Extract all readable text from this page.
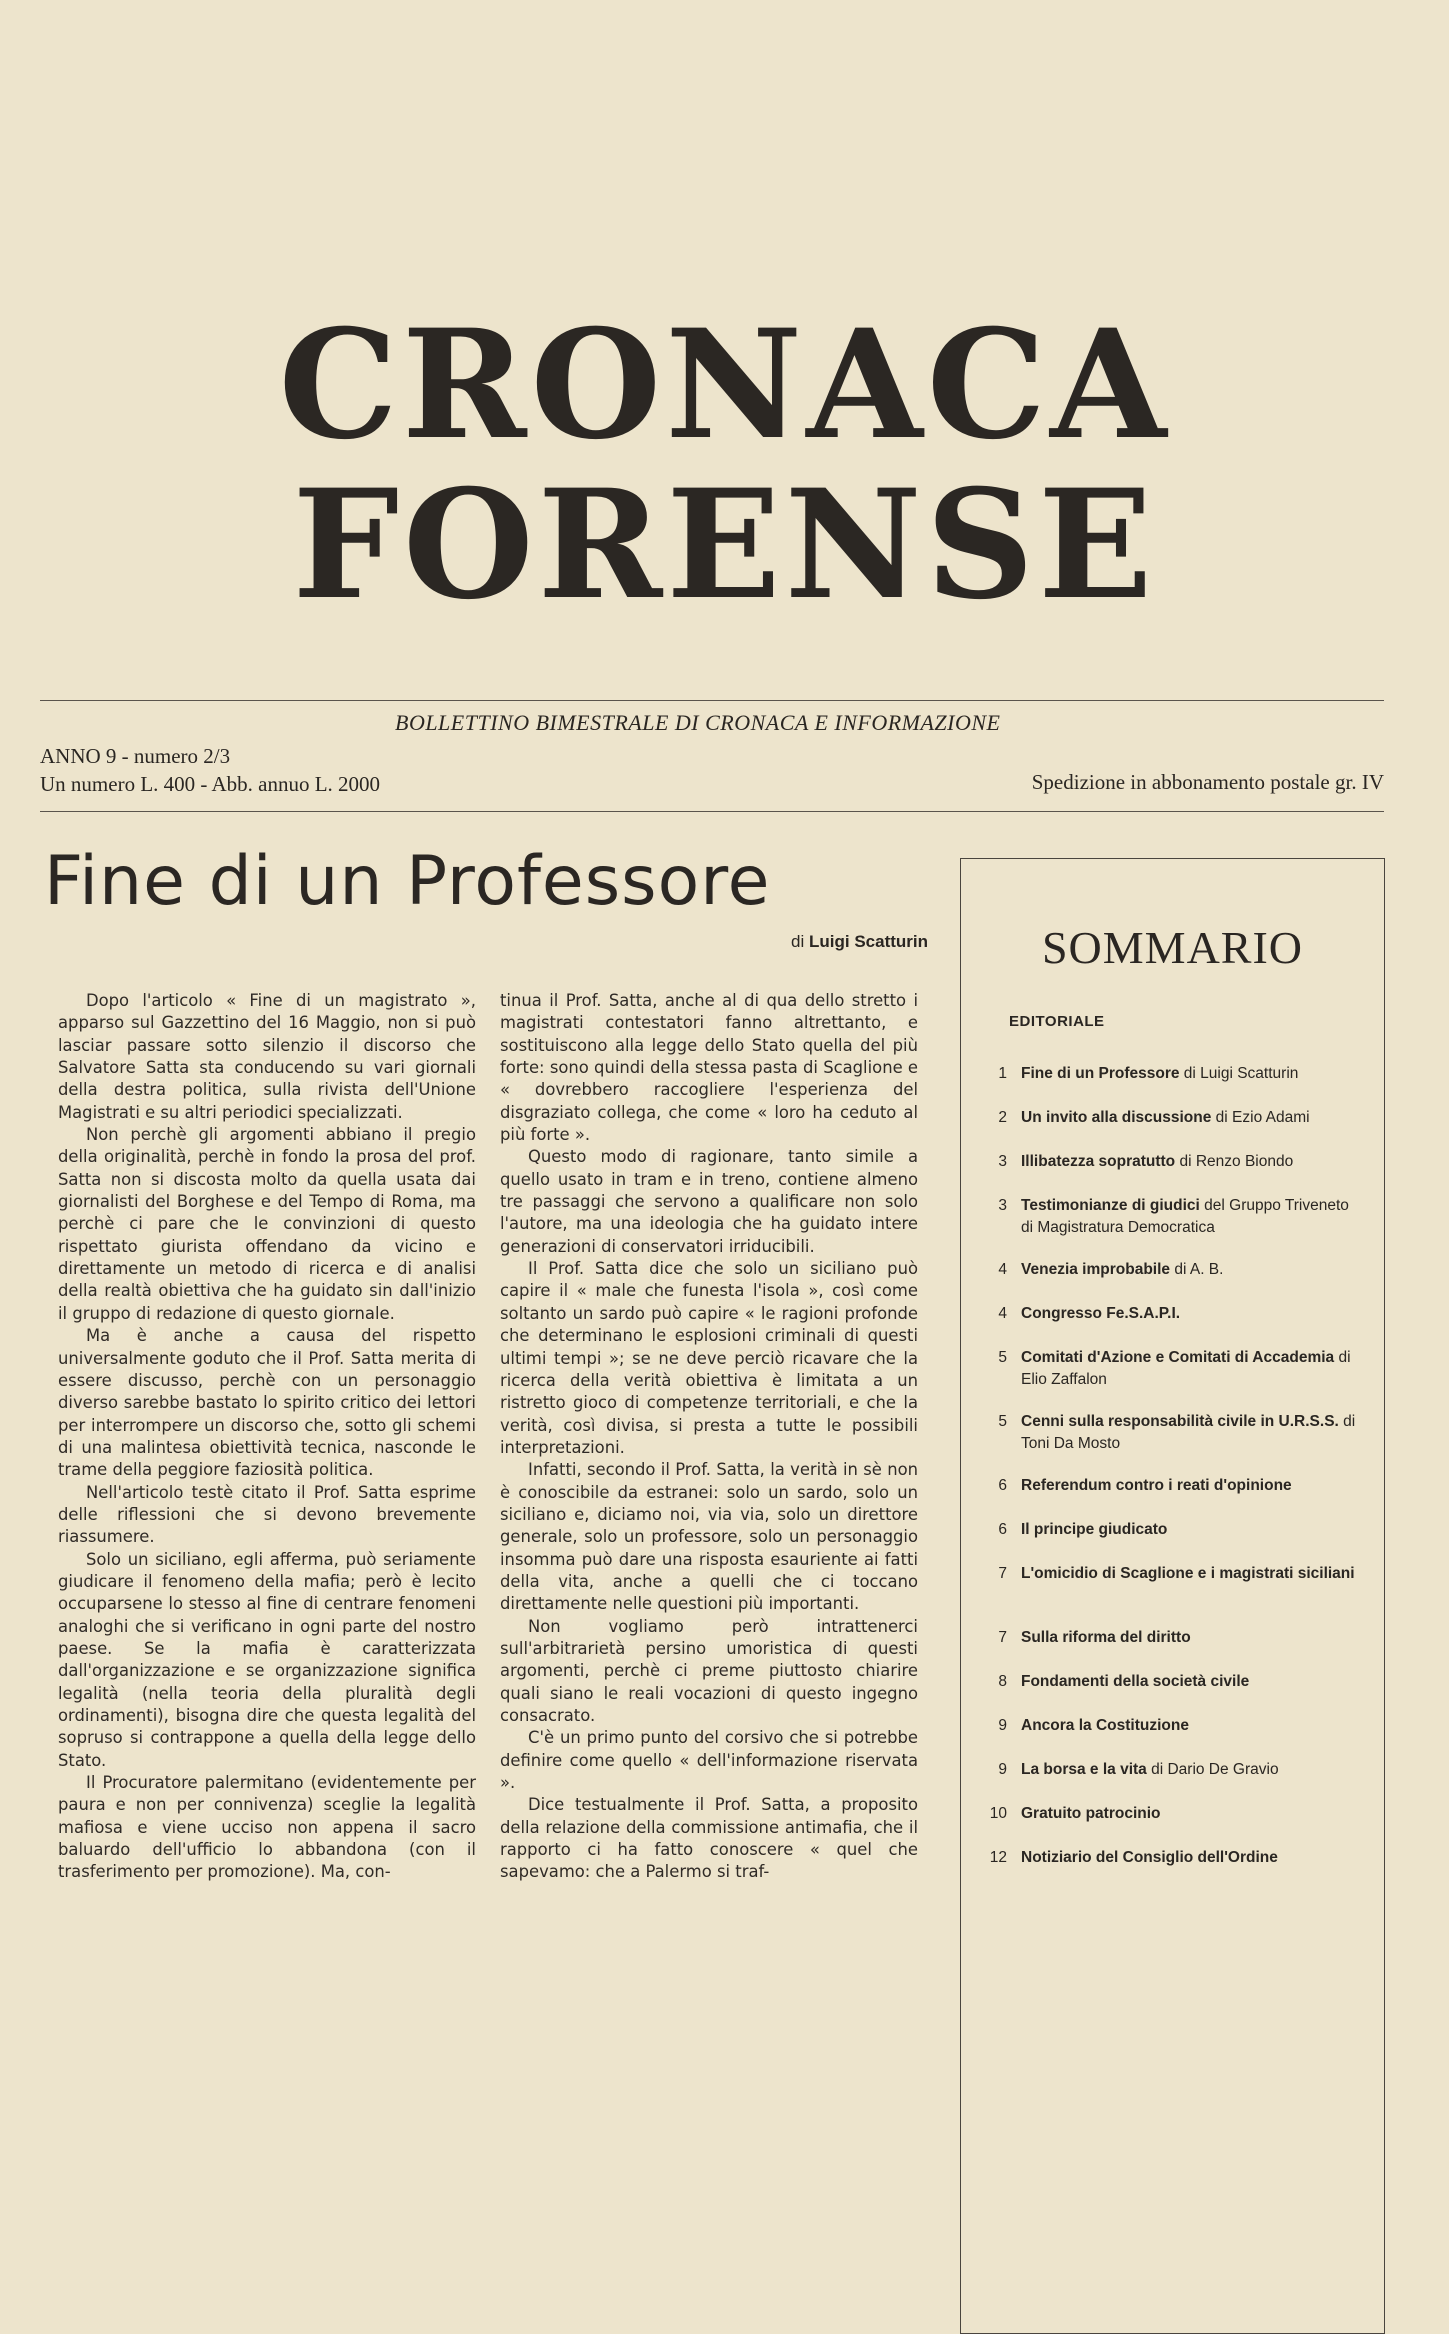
CRONACA
FORENSE
BOLLETTINO BIMESTRALE DI CRONACA E INFORMAZIONE
ANNO 9 - numero 2/3
Un numero L. 400 - Abb. annuo L. 2000	Spedizione in abbonamento postale gr. IV
Fine di un Professore
di Luigi Scatturin

Dopo l'articolo « Fine di un magistrato », apparso sul Gazzettino del 16 Maggio, non si può lasciar passare sotto silenzio il discorso che Salvatore Satta sta conducendo su vari giornali della destra politica, sulla rivista dell'Unione Magistrati e su altri periodici specializzati.

Non perchè gli argomenti abbiano il pregio della originalità, perchè in fondo la prosa del prof. Satta non si discosta molto da quella usata dai giornalisti del Borghese e del Tempo di Roma, ma perchè ci pare che le convinzioni di questo rispettato giurista offendano da vicino e direttamente un metodo di ricerca e di analisi della realtà obiettiva che ha guidato sin dall'inizio il gruppo di redazione di questo giornale.

Ma è anche a causa del rispetto universalmente goduto che il Prof. Satta merita di essere discusso, perchè con un personaggio diverso sarebbe bastato lo spirito critico dei lettori per interrompere un discorso che, sotto gli schemi di una malintesa obiettività tecnica, nasconde le trame della peggiore faziosità politica.

Nell'articolo testè citato il Prof. Satta esprime delle riflessioni che si devono brevemente riassumere.

Solo un siciliano, egli afferma, può seriamente giudicare il fenomeno della mafia; però è lecito occuparsene lo stesso al fine di centrare fenomeni analoghi che si verificano in ogni parte del nostro paese. Se la mafia è caratterizzata dall'organizzazione e se organizzazione significa legalità (nella teoria della pluralità degli ordinamenti), bisogna dire che questa legalità del sopruso si contrappone a quella della legge dello Stato.

Il Procuratore palermitano (evidentemente per paura e non per connivenza) sceglie la legalità mafiosa e viene ucciso non appena il sacro baluardo dell'ufficio lo abbandona (con il trasferimento per promozione). Ma, con-

tinua il Prof. Satta, anche al di qua dello stretto i magistrati contestatori fanno altrettanto, e sostituiscono alla legge dello Stato quella del più forte: sono quindi della stessa pasta di Scaglione e « dovrebbero raccogliere l'esperienza del disgraziato collega, che come « loro ha ceduto al più forte ».

Questo modo di ragionare, tanto simile a quello usato in tram e in treno, contiene almeno tre passaggi che servono a qualificare non solo l'autore, ma una ideologia che ha guidato intere generazioni di conservatori irriducibili.

Il Prof. Satta dice che solo un siciliano può capire il « male che funesta l'isola », così come soltanto un sardo può capire « le ragioni profonde che determinano le esplosioni criminali di questi ultimi tempi »; se ne deve perciò ricavare che la ricerca della verità obiettiva è limitata a un ristretto gioco di competenze territoriali, e che la verità, così divisa, si presta a tutte le possibili interpretazioni.

Infatti, secondo il Prof. Satta, la verità in sè non è conoscibile da estranei: solo un sardo, solo un siciliano e, diciamo noi, via via, solo un direttore generale, solo un professore, solo un personaggio insomma può dare una risposta esauriente ai fatti della vita, anche a quelli che ci toccano direttamente nelle questioni più importanti.

Non vogliamo però intrattenerci sull'arbitrarietà persino umoristica di questi argomenti, perchè ci preme piuttosto chiarire quali siano le reali vocazioni di questo ingegno consacrato.

C'è un primo punto del corsivo che si potrebbe definire come quello « dell'informazione riservata ».

Dice testualmente il Prof. Satta, a proposito della relazione della commissione antimafia, che il rapporto ci ha fatto conoscere « quel che sapevamo: che a Palermo si traf-

SOMMARIO
EDITORIALE
1 Fine di un Professore di Luigi Scatturin
2 Un invito alla discussione di Ezio Adami
3 Illibatezza sopratutto di Renzo Biondo
3 Testimonianze di giudici del Gruppo Triveneto di Magistratura Democratica
4 Venezia improbabile di A. B.
4 Congresso Fe.S.A.P.I.
5 Comitati d'Azione e Comitati di Accademia di Elio Zaffalon
5 Cenni sulla responsabilità civile in U.R.S.S. di Toni Da Mosto
6 Referendum contro i reati d'opinione
6 Il principe giudicato
7 L'omicidio di Scaglione e i magistrati siciliani
7 Sulla riforma del diritto
8 Fondamenti della società civile
9 Ancora la Costituzione
9 La borsa e la vita di Dario De Gravio
10 Gratuito patrocinio
12 Notiziario del Consiglio dell'Ordine
